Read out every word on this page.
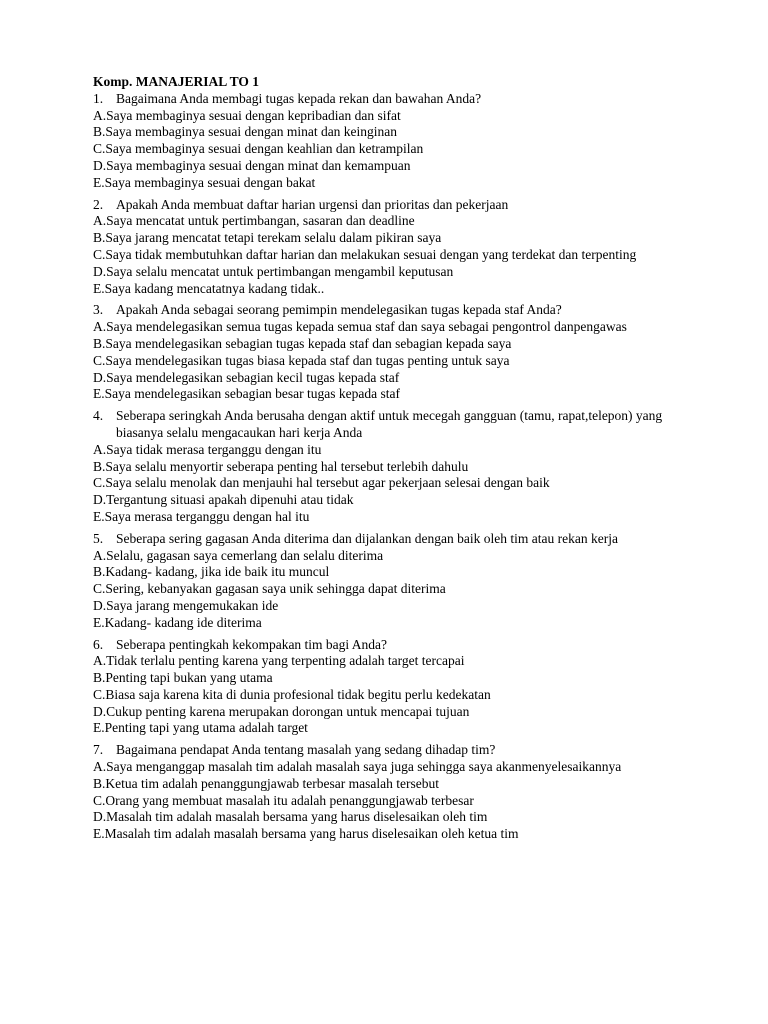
Komp. MANAJERIAL TO 1

1. Bagaimana Anda membagi tugas kepada rekan dan bawahan Anda?
A.Saya membaginya sesuai dengan kepribadian dan sifat
B.Saya membaginya sesuai dengan minat dan keinginan
C.Saya membaginya sesuai dengan keahlian dan ketrampilan
D.Saya membaginya sesuai dengan minat dan kemampuan
E.Saya membaginya sesuai dengan bakat
2. Apakah Anda membuat daftar harian urgensi dan prioritas dan pekerjaan
A.Saya mencatat untuk pertimbangan, sasaran dan deadline
B.Saya jarang mencatat tetapi terekam selalu dalam pikiran saya
C.Saya tidak membutuhkan daftar harian dan melakukan sesuai dengan yang terdekat dan terpenting
D.Saya selalu mencatat untuk pertimbangan mengambil keputusan
E.Saya kadang mencatatnya kadang tidak..
3. Apakah Anda sebagai seorang pemimpin mendelegasikan tugas kepada staf Anda?
A.Saya mendelegasikan semua tugas kepada semua staf dan saya sebagai pengontrol danpengawas
B.Saya mendelegasikan sebagian tugas kepada staf dan sebagian kepada saya
C.Saya mendelegasikan tugas biasa kepada staf dan tugas penting untuk saya
D.Saya mendelegasikan sebagian kecil tugas kepada staf
E.Saya mendelegasikan sebagian besar tugas kepada staf
4. Seberapa seringkah Anda berusaha dengan aktif untuk mecegah gangguan (tamu, rapat,telepon) yang biasanya selalu mengacaukan hari kerja Anda
A.Saya tidak merasa terganggu dengan itu
B.Saya selalu menyortir seberapa penting hal tersebut terlebih dahulu
C.Saya selalu menolak dan menjauhi hal tersebut agar pekerjaan selesai dengan baik
D.Tergantung situasi apakah dipenuhi atau tidak
E.Saya merasa terganggu dengan hal itu
5. Seberapa sering gagasan Anda diterima dan dijalankan dengan baik oleh tim atau rekan kerja
A.Selalu, gagasan saya cemerlang dan selalu diterima
B.Kadang- kadang, jika ide baik itu muncul
C.Sering, kebanyakan gagasan saya unik sehingga dapat diterima
D.Saya jarang mengemukakan ide
E.Kadang- kadang ide diterima
6. Seberapa pentingkah kekompakan tim bagi Anda?
A.Tidak terlalu penting karena yang terpenting adalah target tercapai
B.Penting tapi bukan yang utama
C.Biasa saja karena kita di dunia profesional tidak begitu perlu kedekatan
D.Cukup penting karena merupakan dorongan untuk mencapai tujuan
E.Penting tapi yang utama adalah target
7. Bagaimana pendapat Anda tentang masalah yang sedang dihadap tim?
A.Saya menganggap masalah tim adalah masalah saya juga sehingga saya akanmenyelesaikannya
B.Ketua tim adalah penanggungjawab terbesar masalah tersebut
C.Orang yang membuat masalah itu adalah penanggungjawab terbesar
D.Masalah tim adalah masalah bersama yang harus diselesaikan oleh tim
E.Masalah tim adalah masalah bersama yang harus diselesaikan oleh ketua tim
